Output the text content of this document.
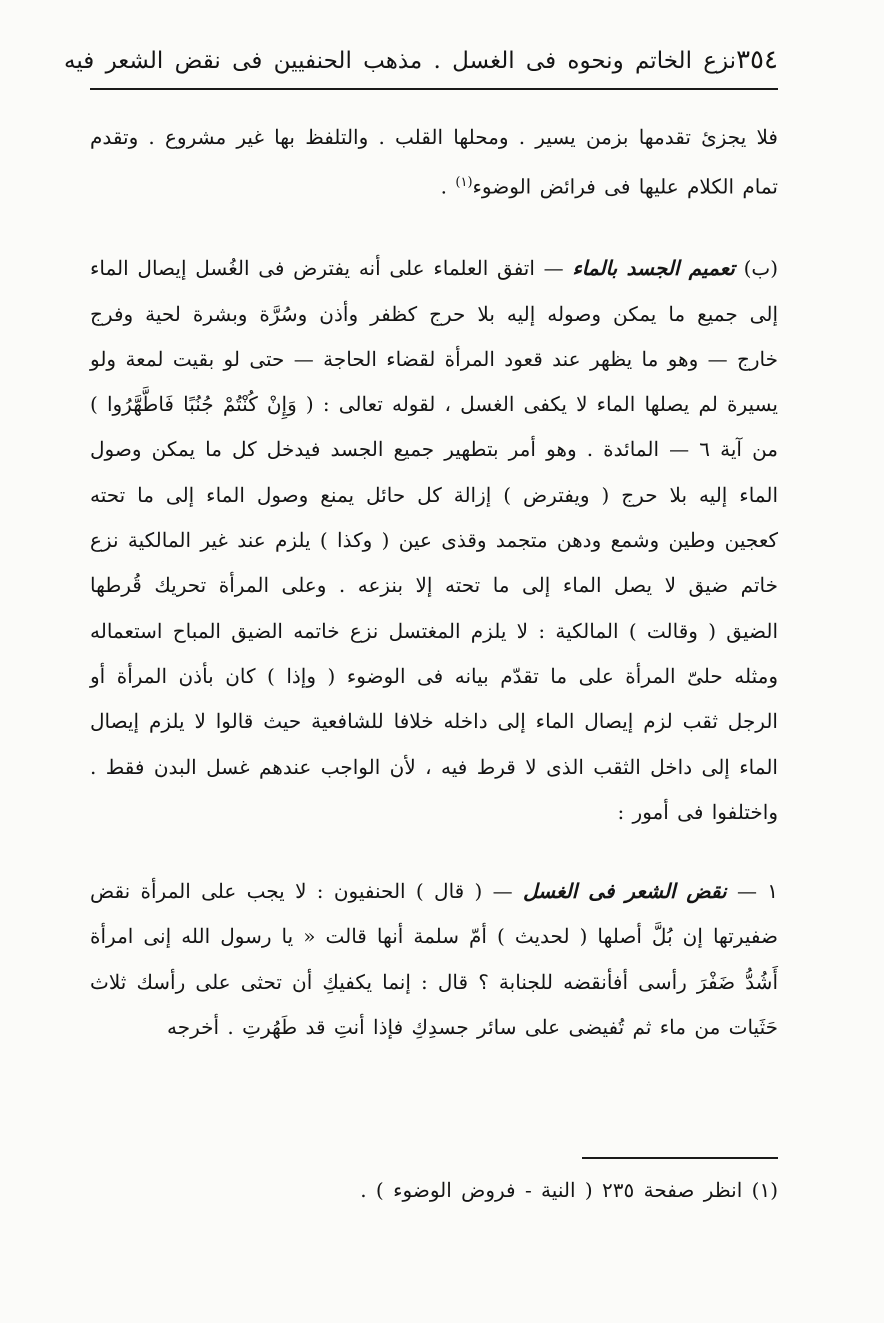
٣٥٤
نزع الخاتم ونحوه فى الغسل . مذهب الحنفيين فى نقض الشعر فيه
فلا يجزئ تقدمها بزمن يسير . ومحلها القلب . والتلفظ بها غير مشروع . وتقدم تمام الكلام عليها فى فرائض الوضوء$^{(١)}$ .
(ب) تعميم الجسد بالماء — اتفق العلماء على أنه يفترض فى الغُسل إيصال الماء إلى جميع ما يمكن وصوله إليه بلا حرج كظفر وأذن وسُرَّة وبشرة لحية وفرج خارج — وهو ما يظهر عند قعود المرأة لقضاء الحاجة — حتى لو بقيت لمعة ولو يسيرة لم يصلها الماء لا يكفى الغسل ، لقوله تعالى : ( وَإِنْ كُنْتُمْ جُنُبًا فَاطَّهَّرُوا ) من آية ٦ — المائدة . وهو أمر بتطهير جميع الجسد فيدخل كل ما يمكن وصول الماء إليه بلا حرج ( ويفترض ) إزالة كل حائل يمنع وصول الماء إلى ما تحته كعجين وطين وشمع ودهن متجمد وقذى عين ( وكذا ) يلزم عند غير المالكية نزع خاتم ضيق لا يصل الماء إلى ما تحته إلا بنزعه . وعلى المرأة تحريك قُرطها الضيق ( وقالت ) المالكية : لا يلزم المغتسل نزع خاتمه الضيق المباح استعماله ومثله حلىّ المرأة على ما تقدّم بيانه فى الوضوء ( وإذا ) كان بأذن المرأة أو الرجل ثقب لزم إيصال الماء إلى داخله خلافا للشافعية حيث قالوا لا يلزم إيصال الماء إلى داخل الثقب الذى لا قرط فيه ، لأن الواجب عندهم غسل البدن فقط . واختلفوا فى أمور :
١ — نقض الشعر فى الغسل — ( قال ) الحنفيون : لا يجب على المرأة نقض ضفيرتها إن بُلَّ أصلها ( لحديث ) أمّ سلمة أنها قالت « يا رسول الله إنى امرأة أَشُدُّ ضَفْرَ رأسى أفأنقضه للجنابة ؟ قال : إنما يكفيكِ أن تحثى على رأسك ثلاث حَثَيات من ماء ثم تُفيضى على سائر جسدِكِ فإذا أنتِ قد طَهُرتِ . أخرجه
(١) انظر صفحة ٢٣٥ ( النية - فروض الوضوء ) .
